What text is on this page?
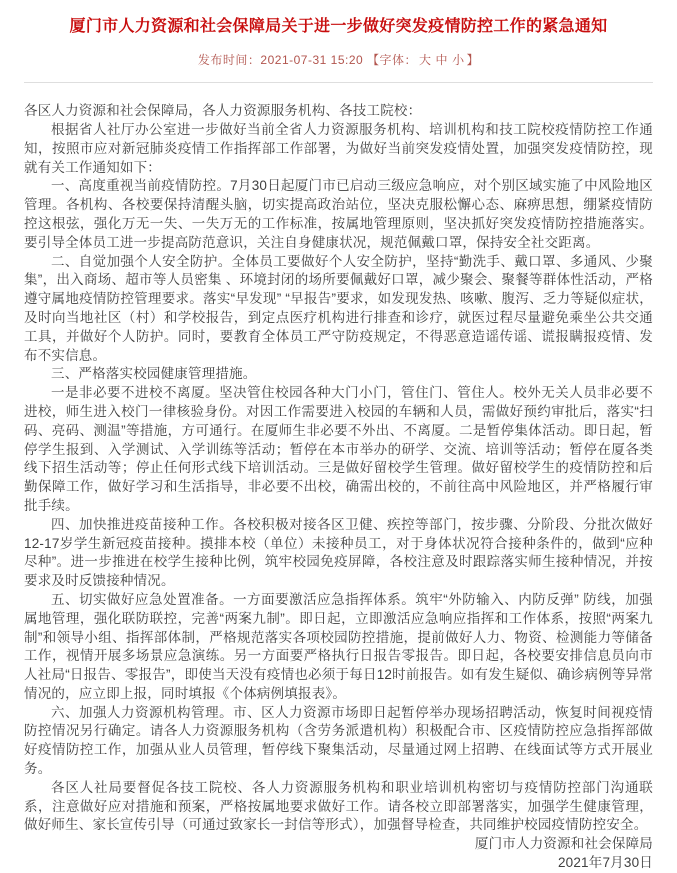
厦门市人力资源和社会保障局关于进一步做好突发疫情防控工作的紧急通知
发布时间：2021-07-31 15:20 【字体： 大 中 小 】

各区人力资源和社会保障局，各人力资源服务机构、各技工院校：

根据省人社厅办公室进一步做好当前全省人力资源服务机构、培训机构和技工院校疫情防控工作通知，按照市应对新冠肺炎疫情工作指挥部工作部署，为做好当前突发疫情处置，加强突发疫情防控，现就有关工作通知如下：

一、高度重视当前疫情防控。7月30日起厦门市已启动三级应急响应，对个别区域实施了中风险地区管理。各机构、各校要保持清醒头脑，切实提高政治站位，坚决克服松懈心态、麻痹思想，绷紧疫情防控这根弦，强化万无一失、一失万无的工作标准，按属地管理原则，坚决抓好突发疫情防控措施落实。要引导全体员工进一步提高防范意识，关注自身健康状况，规范佩戴口罩，保持安全社交距离。

二、自觉加强个人安全防护。全体员工要做好个人安全防护，坚持“勤洗手、戴口罩、多通风、少聚集”，出入商场、超市等人员密集 、环境封闭的场所要佩戴好口罩，减少聚会、聚餐等群体性活动，严格遵守属地疫情防控管理要求。落实“早发现” “早报告”要求，如发现发热、咳嗽、腹泻、乏力等疑似症状，及时向当地社区（村）和学校报告，到定点医疗机构进行排查和诊疗，就医过程尽量避免乘坐公共交通工具，并做好个人防护。同时，要教育全体员工严守防疫规定，不得恶意造谣传谣、谎报瞒报疫情、发布不实信息。

三、严格落实校园健康管理措施。

一是非必要不进校不离厦。坚决管住校园各种大门小门，管住门、管住人。校外无关人员非必要不进校，师生进入校门一律核验身份。对因工作需要进入校园的车辆和人员，需做好预约审批后，落实“扫码、亮码、测温”等措施，方可通行。在厦师生非必要不外出、不离厦。二是暂停集体活动。即日起，暂停学生报到、入学测试、入学训练等活动；暂停在本市举办的研学、交流、培训等活动；暂停在厦各类线下招生活动等；停止任何形式线下培训活动。三是做好留校学生管理。做好留校学生的疫情防控和后勤保障工作，做好学习和生活指导，非必要不出校，确需出校的，不前往高中风险地区，并严格履行审批手续。

四、加快推进疫苗接种工作。各校积极对接各区卫健、疾控等部门，按步骤、分阶段、分批次做好12-17岁学生新冠疫苗接种。摸排本校（单位）未接种员工，对于身体状况符合接种条件的，做到“应种尽种”。进一步推进在校学生接种比例，筑牢校园免疫屏障，各校注意及时跟踪落实师生接种情况，并按要求及时反馈接种情况。

五、切实做好应急处置准备。一方面要激活应急指挥体系。筑牢“外防输入、内防反弹” 防线，加强属地管理，强化联防联控，完善“两案九制”。即日起，立即激活应急响应指挥和工作体系，按照“两案九制”和领导小组、指挥部体制，严格规范落实各项校园防控措施，提前做好人力、物资、检测能力等储备工作，视情开展多场景应急演练。另一方面要严格执行日报告零报告。即日起，各校要安排信息员向市人社局“日报告、零报告”，即使当天没有疫情也必须于每日12时前报告。如有发生疑似、确诊病例等异常情况的，应立即上报，同时填报《个体病例填报表》。

六、加强人力资源机构管理。市、区人力资源市场即日起暂停举办现场招聘活动，恢复时间视疫情防控情况另行确定。请各人力资源服务机构（含劳务派遣机构）积极配合市、区疫情防控应急指挥部做好疫情防控工作，加强从业人员管理，暂停线下聚集活动，尽量通过网上招聘、在线面试等方式开展业务。

各区人社局要督促各技工院校、各人力资源服务机构和职业培训机构密切与疫情防控部门沟通联系，注意做好应对措施和预案，严格按属地要求做好工作。请各校立即部署落实，加强学生健康管理，做好师生、家长宣传引导（可通过致家长一封信等形式），加强督导检查，共同维护校园疫情防控安全。

厦门市人力资源和社会保障局

2021年7月30日
